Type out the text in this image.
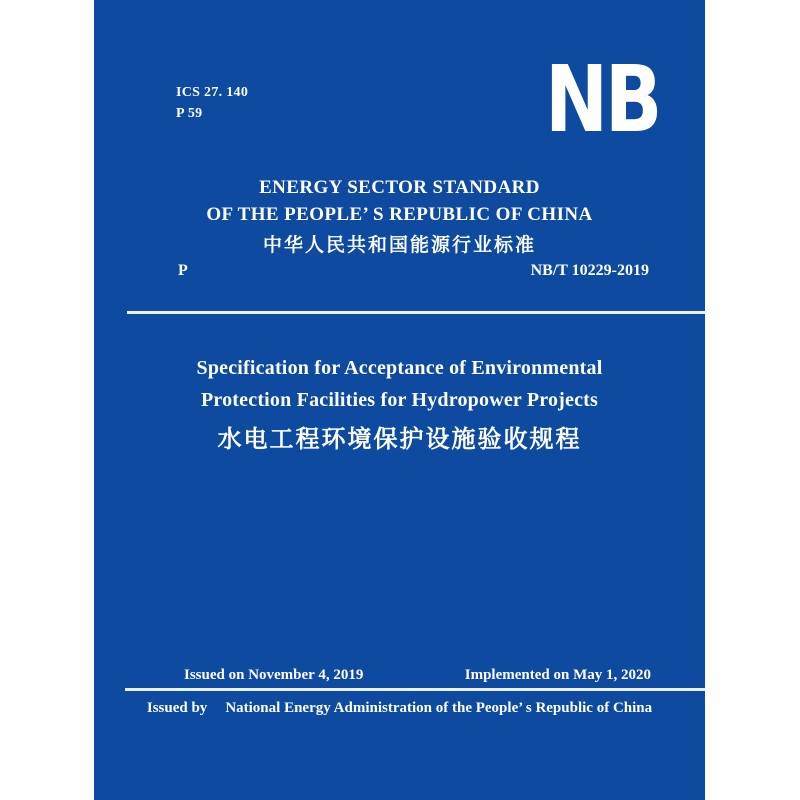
ICS 27. 140
P 59	NB
ENERGY SECTOR STANDARD
OF THE PEOPLE’ S REPUBLIC OF CHINA
中华人民共和国能源行业标准
P	NB/T 10229-2019
Specification for Acceptance of Environmental
Protection Facilities for Hydropower Projects
水电工程环境保护设施验收规程
Issued on November 4, 2019	Implemented on May 1, 2020
Issued by National Energy Administration of the People’ s Republic of China
